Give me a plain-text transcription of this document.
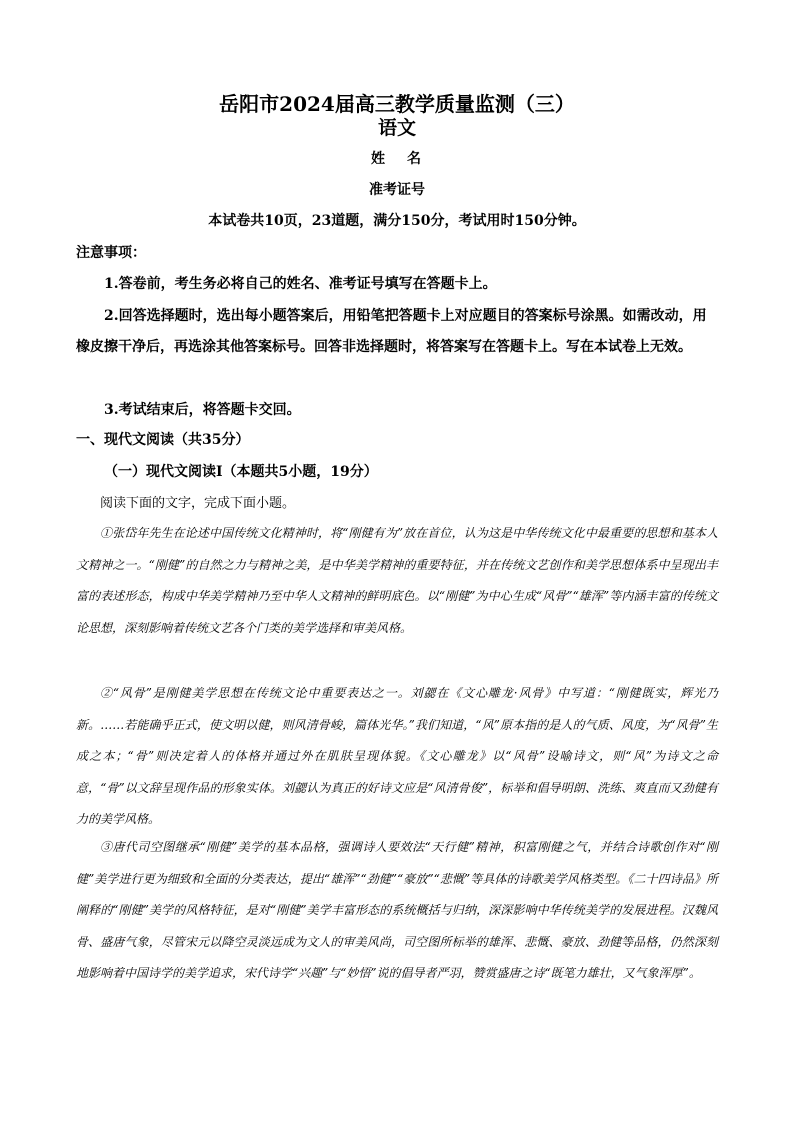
岳阳市2024届高三教学质量监测（三）
语文
姓名
准考证号
本试卷共10页，23道题，满分150分，考试用时150分钟。
注意事项：
1.答卷前，考生务必将自己的姓名、准考证号填写在答题卡上。
2.回答选择题时，选出每小题答案后，用铅笔把答题卡上对应题目的答案标号涂黑。如需改动，用橡皮擦干净后，再选涂其他答案标号。回答非选择题时，将答案写在答题卡上。写在本试卷上无效。
3.考试结束后，将答题卡交回。
一、现代文阅读（共35分）
（一）现代文阅读Ⅰ（本题共5小题，19分）
阅读下面的文字，完成下面小题。
①张岱年先生在论述中国传统文化精神时，将“刚健有为”放在首位，认为这是中华传统文化中最重要的思想和基本人文精神之一。“刚健”的自然之力与精神之美，是中华美学精神的重要特征，并在传统文艺创作和美学思想体系中呈现出丰富的表述形态，构成中华美学精神乃至中华人文精神的鲜明底色。以“刚健”为中心生成“风骨”“雄浑”等内涵丰富的传统文论思想，深刻影响着传统文艺各个门类的美学选择和审美风格。
②“风骨”是刚健美学思想在传统文论中重要表达之一。刘勰在《文心雕龙·风骨》中写道：“刚健既实，辉光乃新。……若能确乎正式，使文明以健，则风清骨峻，篇体光华。”我们知道，“风”原本指的是人的气质、风度，为“风骨”生成之本；“骨”则决定着人的体格并通过外在肌肤呈现体貌。《文心雕龙》以“风骨”设喻诗文，则“风”为诗文之命意，“骨”以文辞呈现作品的形象实体。刘勰认为真正的好诗文应是“风清骨俊”，标举和倡导明朗、洗练、爽直而又劲健有力的美学风格。
③唐代司空图继承“刚健”美学的基本品格，强调诗人要效法“天行健”精神，积富刚健之气，并结合诗歌创作对“刚健”美学进行更为细致和全面的分类表达，提出“雄浑”“劲健”“豪放”“悲慨”等具体的诗歌美学风格类型。《二十四诗品》所阐释的“刚健”美学的风格特征，是对“刚健”美学丰富形态的系统概括与归纳，深深影响中华传统美学的发展进程。汉魏风骨、盛唐气象，尽管宋元以降空灵淡远成为文人的审美风尚，司空图所标举的雄浑、悲慨、豪放、劲健等品格，仍然深刻地影响着中国诗学的美学追求，宋代诗学“兴趣”与“妙悟”说的倡导者严羽，赞赏盛唐之诗“既笔力雄壮，又气象浑厚”。
